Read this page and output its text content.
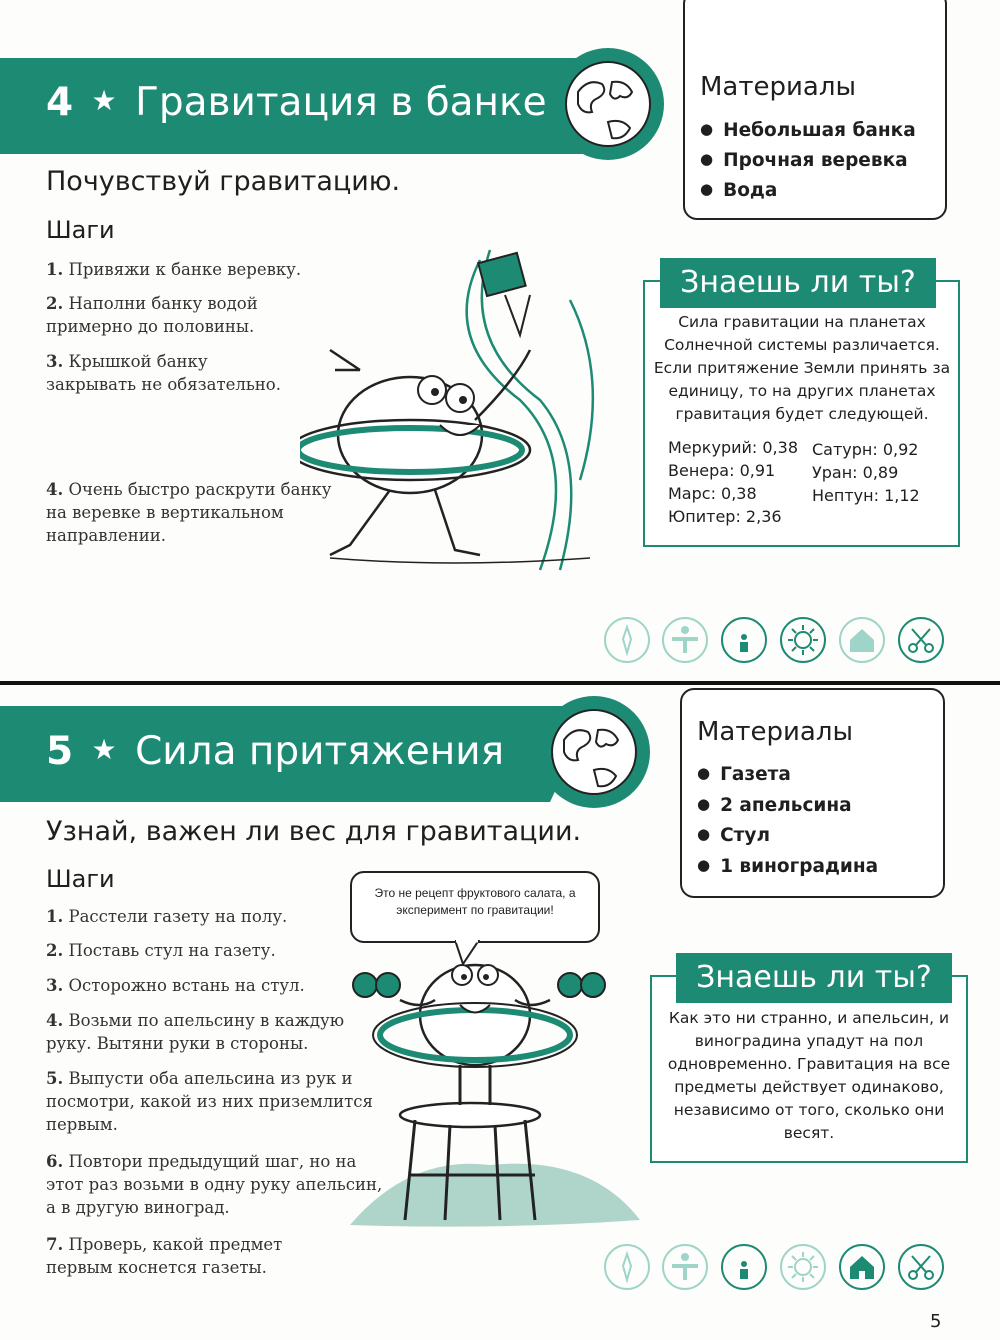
4 ★ Гравитация в банке
Почувствуй гравитацию.
Шаги
1. Привяжи к банке веревку.
2. Наполни банку водой примерно до половины.
3. Крышкой банку закрывать не обязательно.
4. Очень быстро раскрути банку на веревке в вертикальном направлении.
Материалы
● Небольшая банка
● Прочная веревка
● Вода
Знаешь ли ты?
Сила гравитации на планетах Солнечной системы различается. Если притяжение Земли принять за единицу, то на других планетах гравитация будет следующей.
Меркурий: 0,38
Венера: 0,91
Марс: 0,38
Юпитер: 2,36
Сатурн: 0,92
Уран: 0,89
Нептун: 1,12
5 ★ Сила притяжения
Узнай, важен ли вес для гравитации.
Шаги
1. Расстели газету на полу.
2. Поставь стул на газету.
3. Осторожно встань на стул.
4. Возьми по апельсину в каждую руку. Вытяни руки в стороны.
5. Выпусти оба апельсина из рук и посмотри, какой из них приземлится первым.
6. Повтори предыдущий шаг, но на этот раз возьми в одну руку апельсин, а в другую виноград.
7. Проверь, какой предмет первым коснется газеты.
Это не рецепт фруктового салата, а эксперимент по гравитации!
Материалы
● Газета
● 2 апельсина
● Стул
● 1 виноградина
Знаешь ли ты?
Как это ни странно, и апельсин, и виноградина упадут на пол одновременно. Гравитация на все предметы действует одинаково, независимо от того, сколько они весят.
5
